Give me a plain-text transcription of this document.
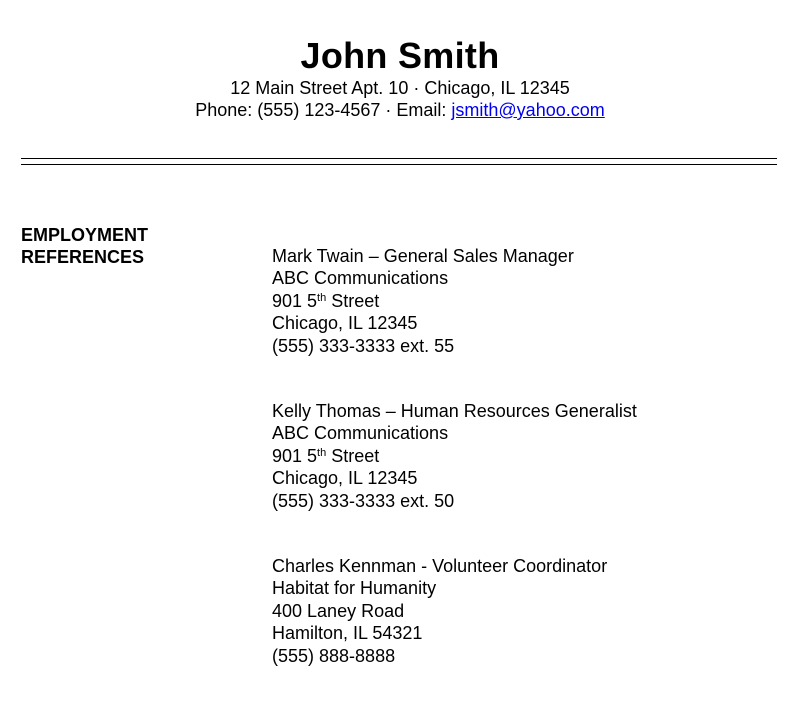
John Smith
12 Main Street Apt. 10 · Chicago, IL 12345
Phone: (555) 123-4567 · Email: jsmith@yahoo.com
EMPLOYMENT
REFERENCES	Mark Twain – General Sales Manager
ABC Communications
901 5th Street
Chicago, IL 12345
(555) 333-3333 ext. 55
Kelly Thomas – Human Resources Generalist
ABC Communications
901 5th Street
Chicago, IL 12345
(555) 333-3333 ext. 50
Charles Kennman - Volunteer Coordinator
Habitat for Humanity
400 Laney Road
Hamilton, IL 54321
(555) 888-8888
